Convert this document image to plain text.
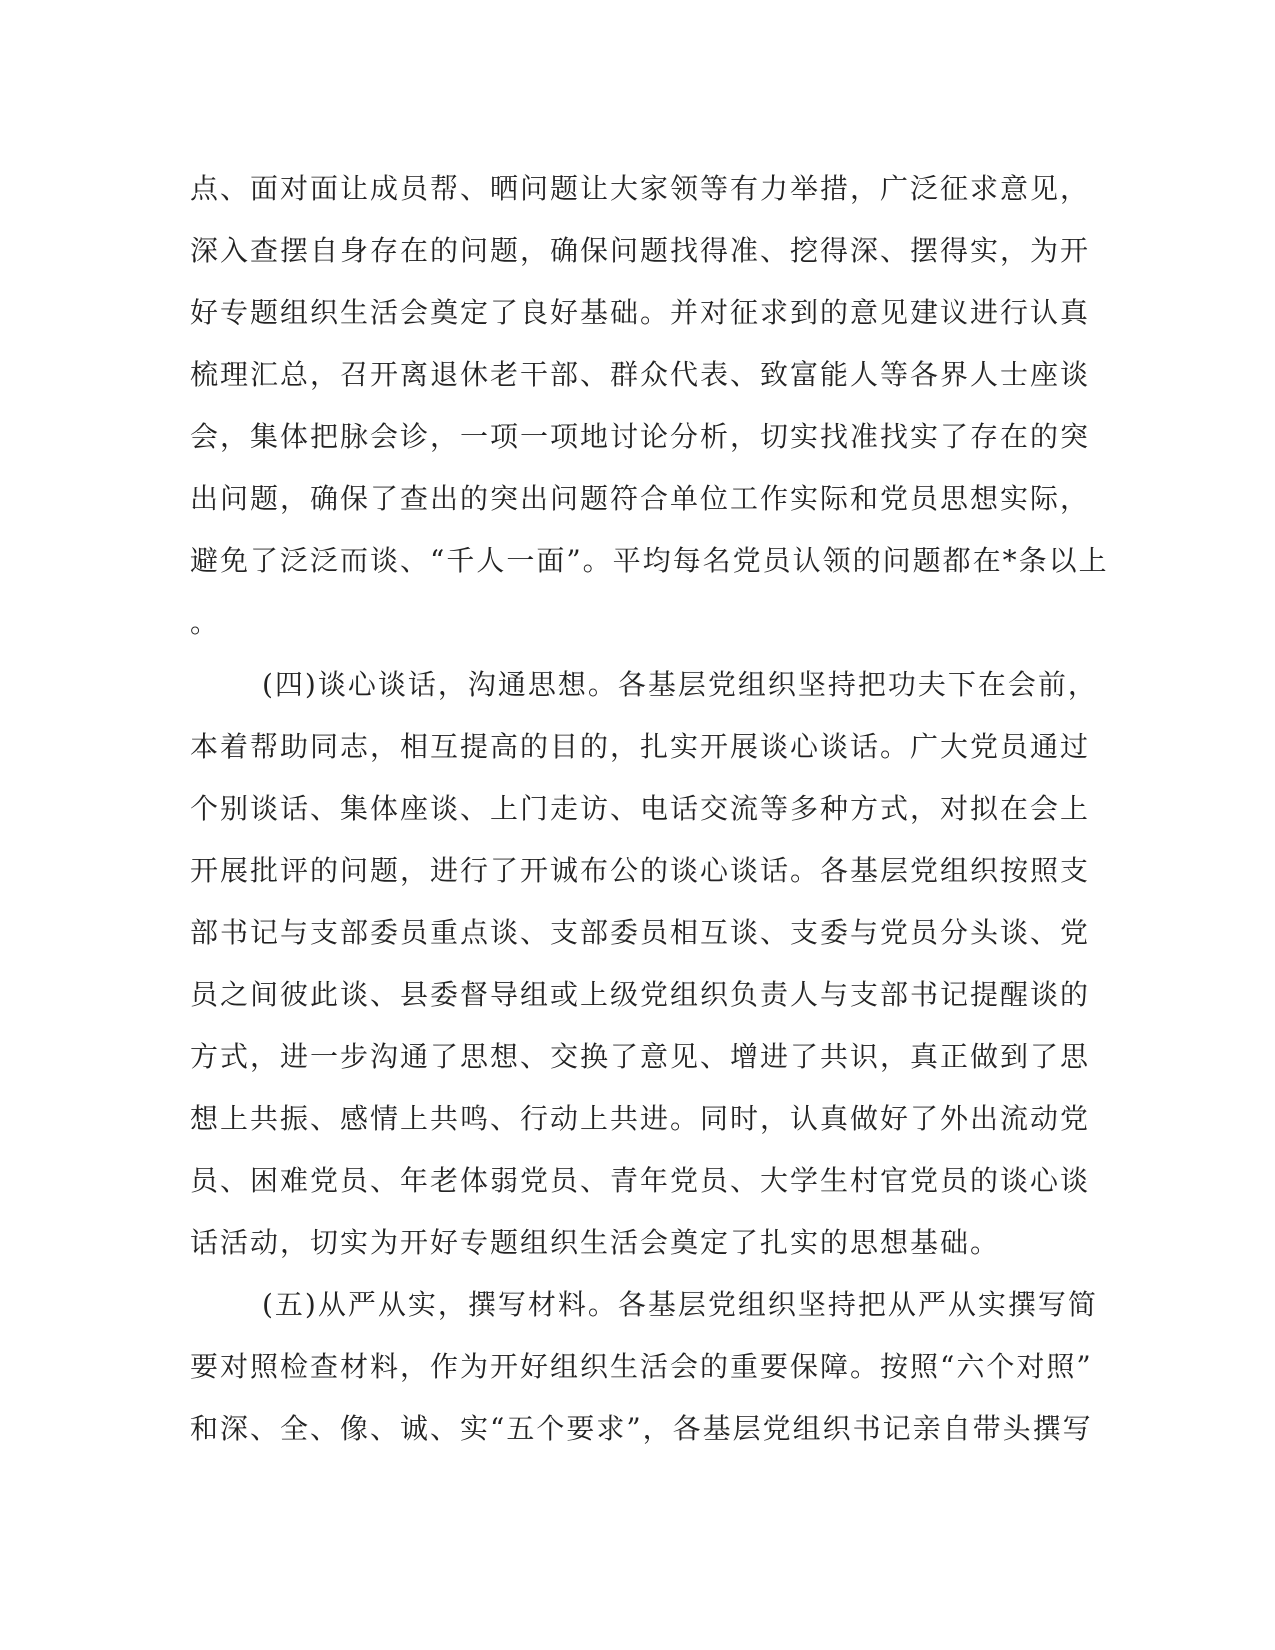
点、面对面让成员帮、晒问题让大家领等有力举措，广泛征求意见，
深入查摆自身存在的问题，确保问题找得准、挖得深、摆得实，为开
好专题组织生活会奠定了良好基础。并对征求到的意见建议进行认真
梳理汇总，召开离退休老干部、群众代表、致富能人等各界人士座谈
会，集体把脉会诊，一项一项地讨论分析，切实找准找实了存在的突
出问题，确保了查出的突出问题符合单位工作实际和党员思想实际，
避免了泛泛而谈、“千人一面”。平均每名党员认领的问题都在*条以上
。
(四)谈心谈话，沟通思想。各基层党组织坚持把功夫下在会前，
本着帮助同志，相互提高的目的，扎实开展谈心谈话。广大党员通过
个别谈话、集体座谈、上门走访、电话交流等多种方式，对拟在会上
开展批评的问题，进行了开诚布公的谈心谈话。各基层党组织按照支
部书记与支部委员重点谈、支部委员相互谈、支委与党员分头谈、党
员之间彼此谈、县委督导组或上级党组织负责人与支部书记提醒谈的
方式，进一步沟通了思想、交换了意见、增进了共识，真正做到了思
想上共振、感情上共鸣、行动上共进。同时，认真做好了外出流动党
员、困难党员、年老体弱党员、青年党员、大学生村官党员的谈心谈
话活动，切实为开好专题组织生活会奠定了扎实的思想基础。
(五)从严从实，撰写材料。各基层党组织坚持把从严从实撰写简
要对照检查材料，作为开好组织生活会的重要保障。按照“六个对照”
和深、全、像、诚、实“五个要求”，各基层党组织书记亲自带头撰写
